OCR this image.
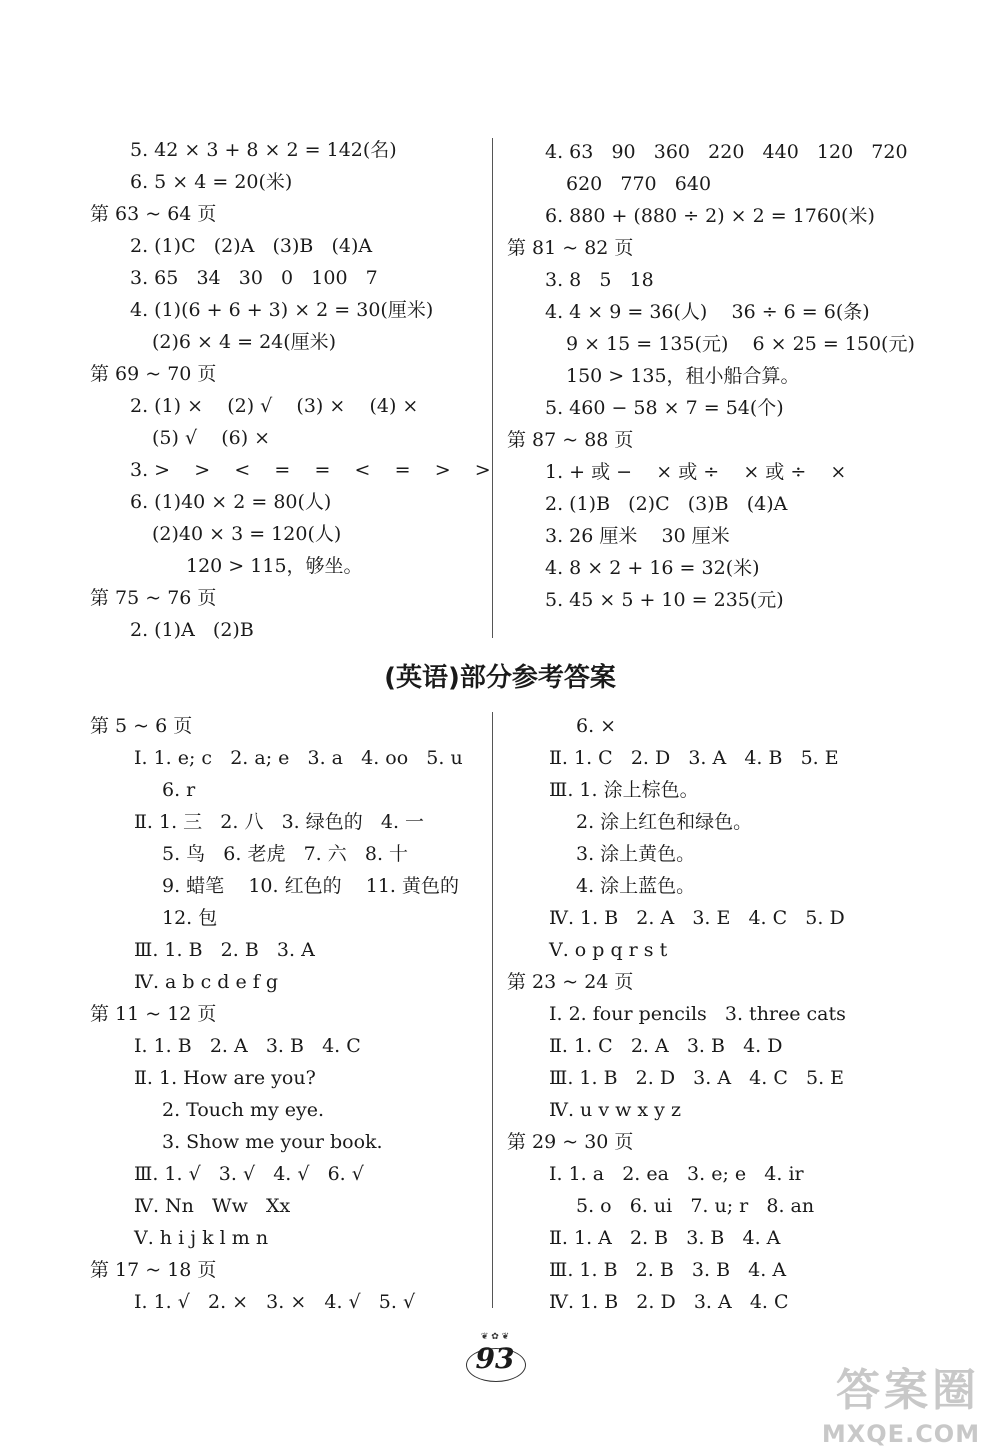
5. 42 × 3 + 8 × 2 = 142(名)
6. 5 × 4 = 20(米)
第 63 ~ 64 页
2. (1)C   (2)A   (3)B   (4)A
3. 65   34   30   0   100   7
4. (1)(6 + 6 + 3) × 2 = 30(厘米)
(2)6 × 4 = 24(厘米)
第 69 ~ 70 页
2. (1) ×    (2) √    (3) ×    (4) ×
(5) √    (6) ×
3. >    >    <    =    =    <    =    >    >
6. (1)40 × 2 = 80(人)
(2)40 × 3 = 120(人)
120 > 115，够坐。
第 75 ~ 76 页
2. (1)A   (2)B
4. 63   90   360   220   440   120   720
620   770   640
6. 880 + (880 ÷ 2) × 2 = 1760(米)
第 81 ~ 82 页
3. 8   5   18
4. 4 × 9 = 36(人)    36 ÷ 6 = 6(条)
9 × 15 = 135(元)    6 × 25 = 150(元)
150 > 135，租小船合算。
5. 460 − 58 × 7 = 54(个)
第 87 ~ 88 页
1. + 或 −    × 或 ÷    × 或 ÷    ×
2. (1)B   (2)C   (3)B   (4)A
3. 26 厘米    30 厘米
4. 8 × 2 + 16 = 32(米)
5. 45 × 5 + 10 = 235(元)
(英语)部分参考答案
第 5 ~ 6 页
Ⅰ. 1. e; c   2. a; e   3. a   4. oo   5. u
6. r
Ⅱ. 1. 三   2. 八   3. 绿色的   4. 一
5. 鸟   6. 老虎   7. 六   8. 十
9. 蜡笔    10. 红色的    11. 黄色的
12. 包
Ⅲ. 1. B   2. B   3. A
Ⅳ. a b c d e f g
第 11 ~ 12 页
Ⅰ. 1. B   2. A   3. B   4. C
Ⅱ. 1. How are you?
2. Touch my eye.
3. Show me your book.
Ⅲ. 1. √   3. √   4. √   6. √
Ⅳ. Nn   Ww   Xx
Ⅴ. h i j k l m n
第 17 ~ 18 页
Ⅰ. 1. √   2. ×   3. ×   4. √   5. √
6. ×
Ⅱ. 1. C   2. D   3. A   4. B   5. E
Ⅲ. 1. 涂上棕色。
2. 涂上红色和绿色。
3. 涂上黄色。
4. 涂上蓝色。
Ⅳ. 1. B   2. A   3. E   4. C   5. D
Ⅴ. o p q r s t
第 23 ~ 24 页
Ⅰ. 2. four pencils   3. three cats
Ⅱ. 1. C   2. A   3. B   4. D
Ⅲ. 1. B   2. D   3. A   4. C   5. E
Ⅳ. u v w x y z
第 29 ~ 30 页
Ⅰ. 1. a   2. ea   3. e; e   4. ir
5. o   6. ui   7. u; r   8. an
Ⅱ. 1. A   2. B   3. B   4. A
Ⅲ. 1. B   2. B   3. B   4. A
Ⅳ. 1. B   2. D   3. A   4. C
❦ ✿ ❦
93
答案圈
MXQE.COM
